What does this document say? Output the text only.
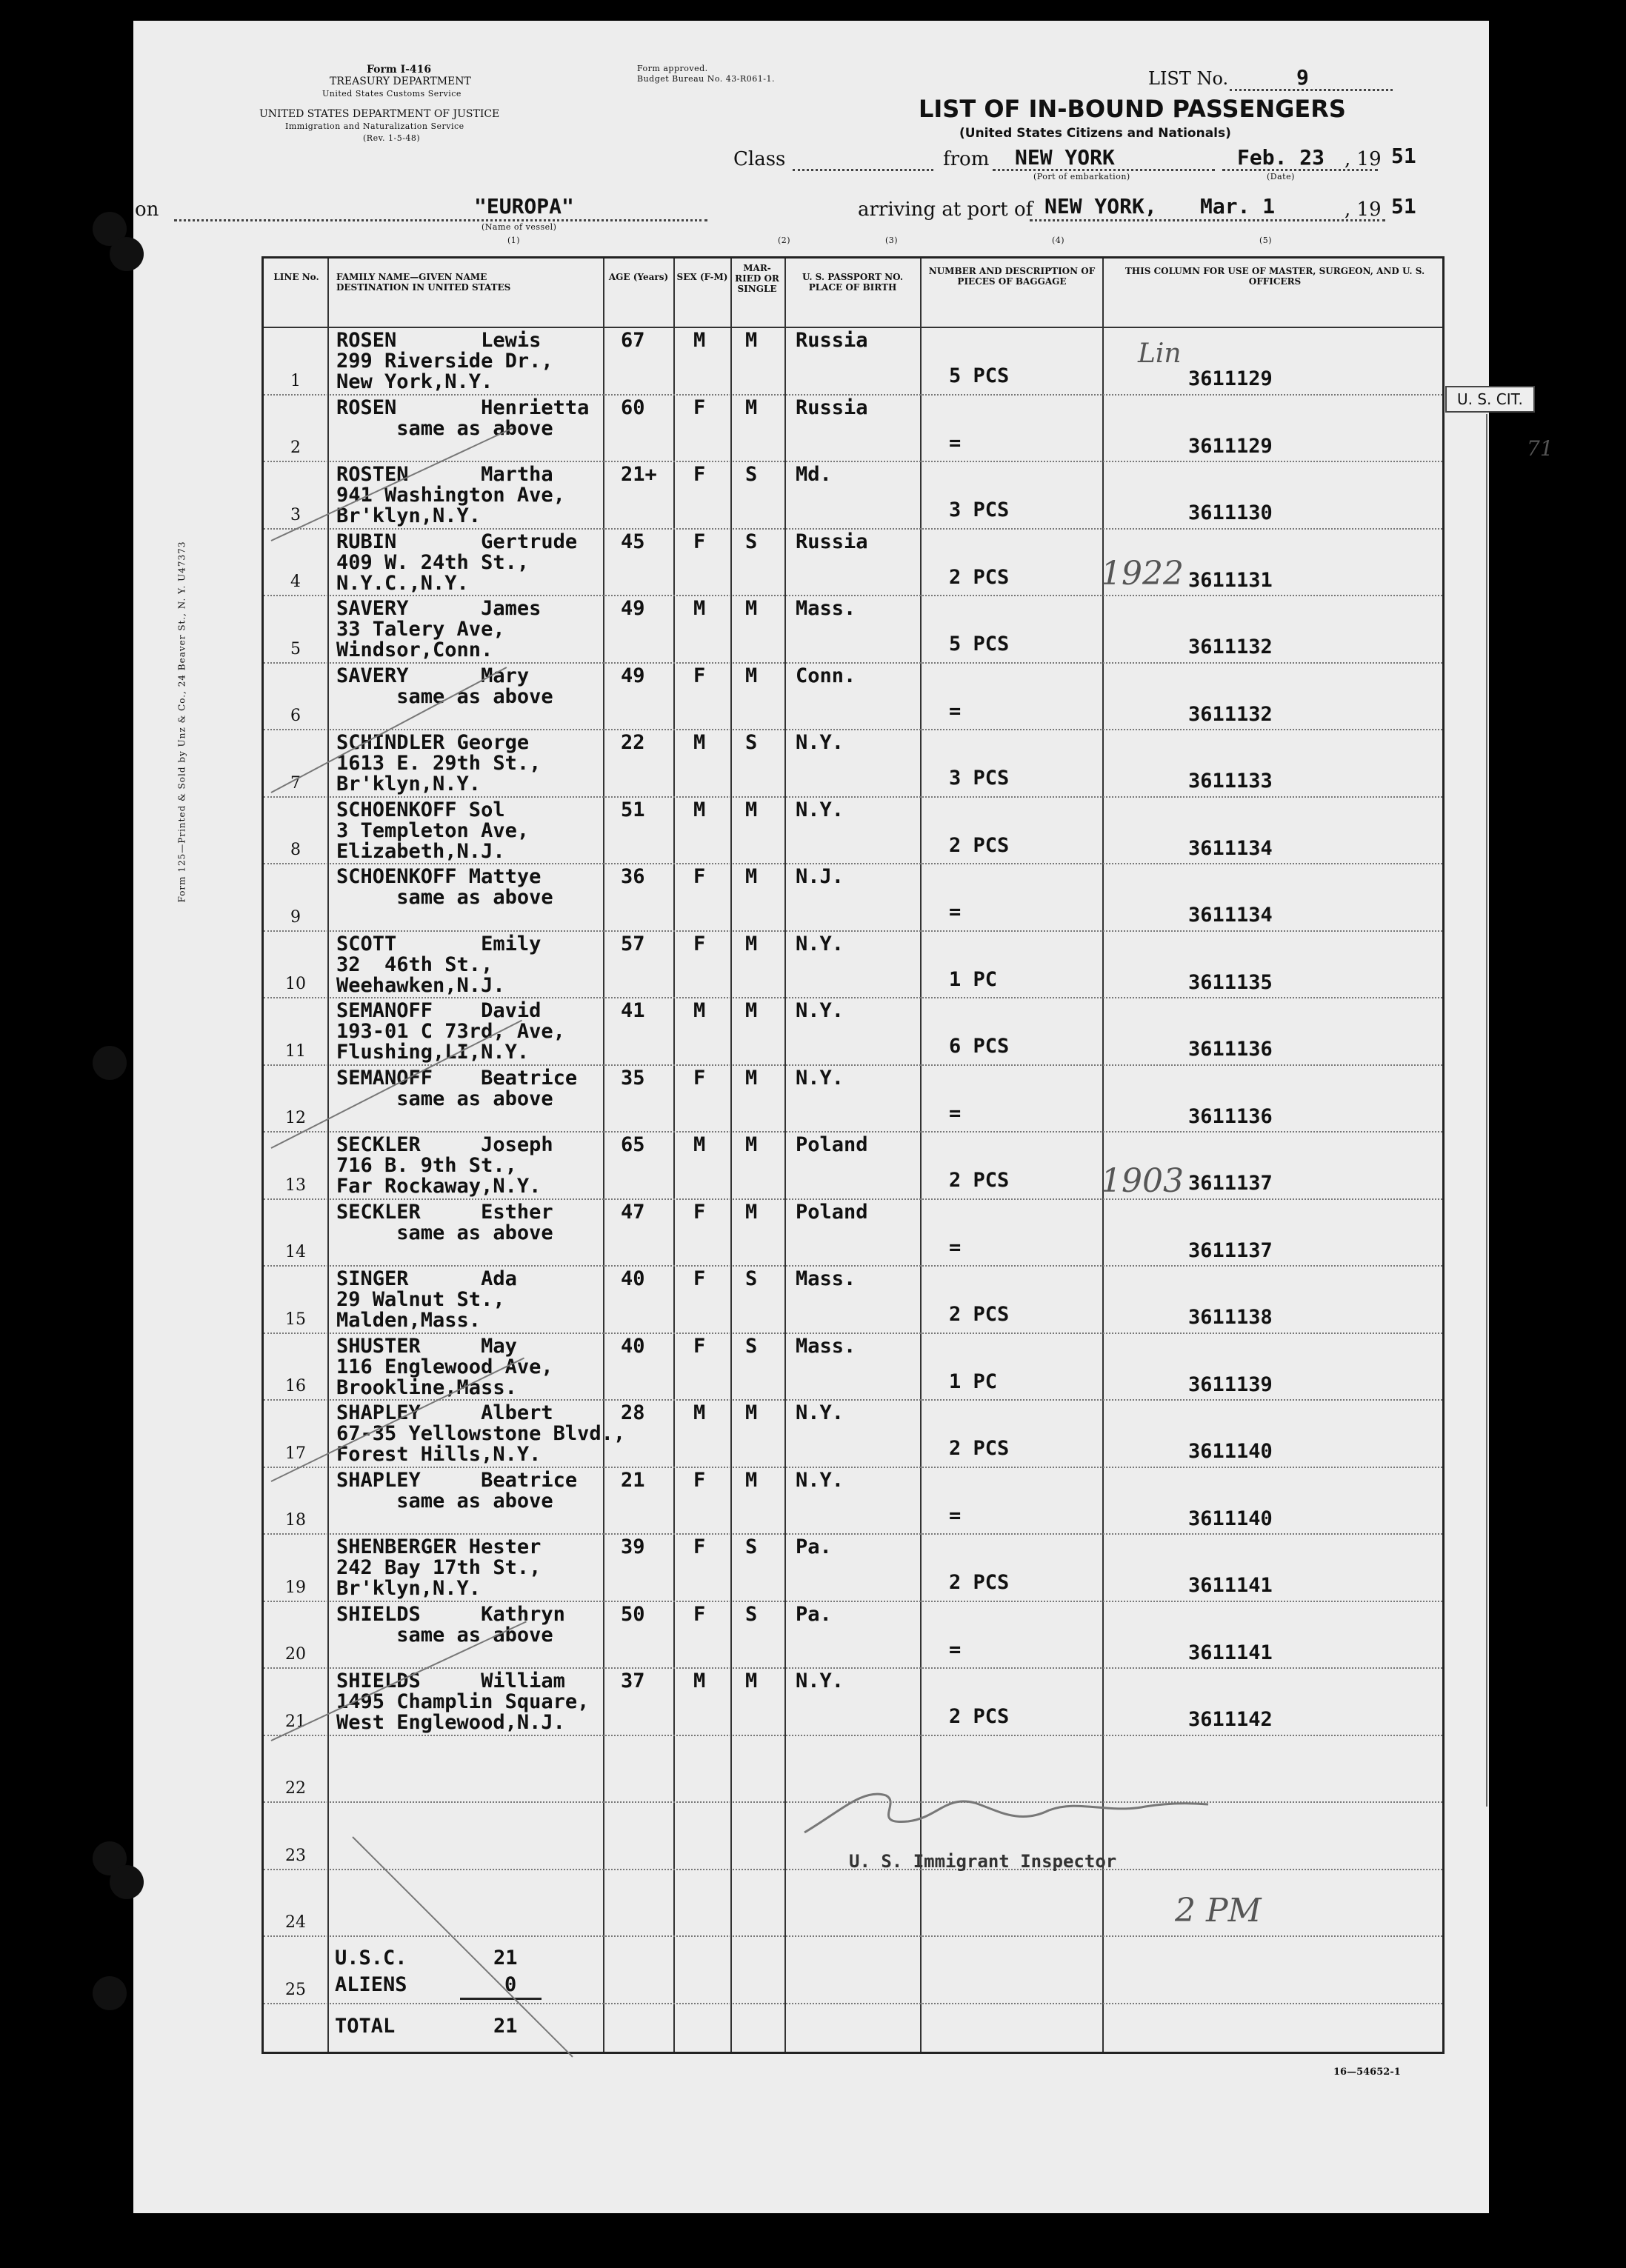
Form I-416
TREASURY DEPARTMENT
United States Customs Service
UNITED STATES DEPARTMENT OF JUSTICE
Immigration and Naturalization Service
(Rev. 1-5-48)
Form approved.
Budget Bureau No. 43-R061-1.	LIST No.	9
LIST OF IN-BOUND PASSENGERS
(United States Citizens and Nationals)
Class	from NEW YORK
(Port of embarkation)
Feb. 23 , 19 51
(Date)
on	"EUROPA"
(Name of vessel)
arriving at port of NEW YORK, Mar. 1	, 19 51
(1)	(2)	(3)	(4)	(5)
Form 125—Printed & Sold by Unz & Co., 24 Beaver St., N. Y. U47373
LINE No.	FAMILY NAME—GIVEN NAME DESTINATION IN UNITED STATES
AGE (Years) SEX (F-M)
MAR- RIED OR SINGLE
U. S. PASSPORT NO. PLACE OF BIRTH
NUMBER AND DESCRIPTION OF PIECES OF BAGGAGE
THIS COLUMN FOR USE OF MASTER, SURGEON, AND U. S. OFFICERS
1
ROSEN       Lewis
299 Riverside Dr.,
New York,N.Y.
67 M M Russia
5 PCS	3611129
2
ROSEN       Henrietta
same as above
60 F M Russia
=	3611129
3
ROSTEN      Martha
941 Washington Ave,
Br'klyn,N.Y.
21+ F S Md.
3 PCS	3611130
4
RUBIN       Gertrude
409 W. 24th St.,
N.Y.C.,N.Y.
45 F S Russia
2 PCS	3611131
5
SAVERY      James
33 Talery Ave,
Windsor,Conn.
49 M M Mass.
5 PCS	3611132
6
SAVERY      Mary
same as above
49 F M Conn.
=	3611132
7
SCHINDLER George
1613 E. 29th St.,
Br'klyn,N.Y.
22 M S N.Y.
3 PCS	3611133
8
SCHOENKOFF Sol
3 Templeton Ave,
Elizabeth,N.J.
51 M M N.Y.
2 PCS	3611134
9
SCHOENKOFF Mattye
same as above
36 F M N.J.
=	3611134
10
SCOTT       Emily
32  46th St.,
Weehawken,N.J.
57 F M N.Y.
1 PC	3611135
11
SEMANOFF    David
193-01 C 73rd, Ave,
Flushing,LI,N.Y.
41 M M N.Y.
6 PCS	3611136
12
SEMANOFF    Beatrice
same as above
35 F M N.Y.
=	3611136
13
SECKLER     Joseph
716 B. 9th St.,
Far Rockaway,N.Y.
65 M M Poland
2 PCS	3611137
14
SECKLER     Esther
same as above
47 F M Poland
=	3611137
15
SINGER      Ada
29 Walnut St.,
Malden,Mass.
40 F S Mass.
2 PCS	3611138
16
SHUSTER     May
116 Englewood Ave,
Brookline,Mass.
40 F S Mass.
1 PC	3611139
17
SHAPLEY     Albert
67-35 Yellowstone Blvd.,
Forest Hills,N.Y.
28 M M N.Y.
2 PCS	3611140
18
SHAPLEY     Beatrice
same as above
21 F M N.Y.
=	3611140
19
SHENBERGER Hester
242 Bay 17th St.,
Br'klyn,N.Y.
39 F S Pa.
2 PCS	3611141
20
SHIELDS     Kathryn
same as above
50 F S Pa.
=	3611141
21
SHIELDS     William
1495 Champlin Square,
West Englewood,N.J.
37 M M N.Y.
2 PCS	3611142
22
23
24
25
U.S.C.	21
ALIENS	0
TOTAL	21
U. S. Immigrant Inspector
2 PM
U. S. CIT.
71
1922
1903
Lin
16—54652-1
